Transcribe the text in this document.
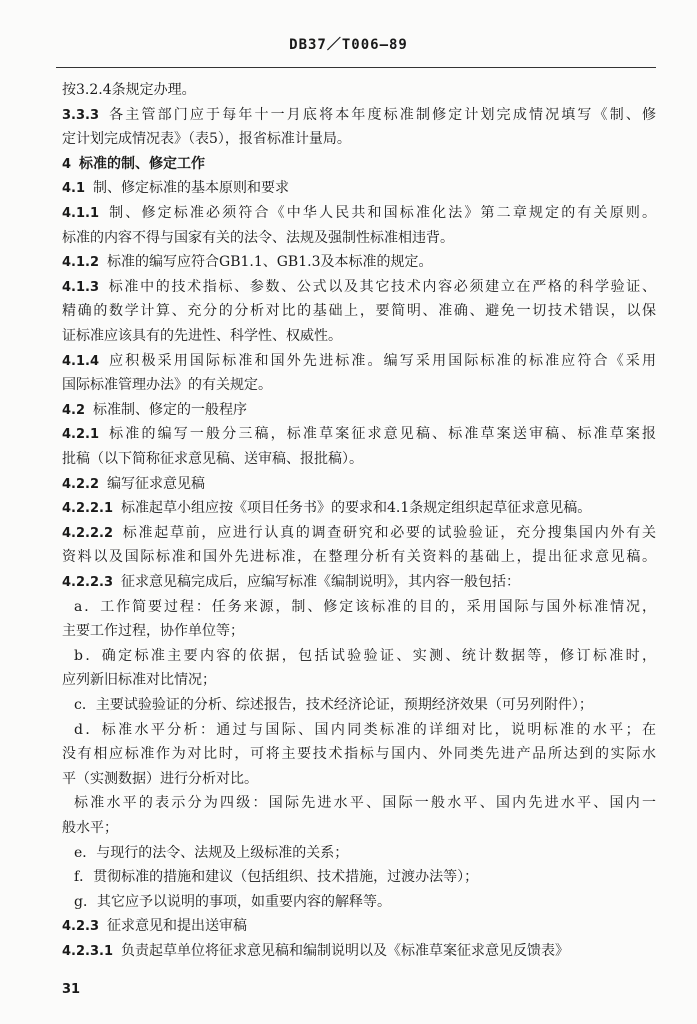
DB37／T006—89
按3.2.4条规定办理。
3.3.3 各主管部门应于每年十一月底将本年度标准制修定计划完成情况填写《制、修
定计划完成情况表》（表5），报省标准计量局。
4 标准的制、修定工作
4.1 制、修定标准的基本原则和要求
4.1.1 制、修定标准必须符合《中华人民共和国标准化法》第二章规定的有关原则。
标准的内容不得与国家有关的法令、法规及强制性标准相违背。
4.1.2 标准的编写应符合GB1.1、GB1.3及本标准的规定。
4.1.3 标准中的技术指标、参数、公式以及其它技术内容必须建立在严格的科学验证、
精确的数学计算、充分的分析对比的基础上，要简明、准确、避免一切技术错误，以保
证标准应该具有的先进性、科学性、权威性。
4.1.4 应积极采用国际标准和国外先进标准。编写采用国际标准的标准应符合《采用
国际标准管理办法》的有关规定。
4.2 标准制、修定的一般程序
4.2.1 标准的编写一般分三稿，标准草案征求意见稿、标准草案送审稿、标准草案报
批稿（以下简称征求意见稿、送审稿、报批稿）。
4.2.2 编写征求意见稿
4.2.2.1 标准起草小组应按《项目任务书》的要求和4.1条规定组织起草征求意见稿。
4.2.2.2 标准起草前，应进行认真的调查研究和必要的试验验证，充分搜集国内外有关
资料以及国际标准和国外先进标准，在整理分析有关资料的基础上，提出征求意见稿。
4.2.2.3 征求意见稿完成后，应编写标准《编制说明》，其内容一般包括：
a．工作简要过程：任务来源，制、修定该标准的目的，采用国际与国外标准情况，
主要工作过程，协作单位等；
b．确定标准主要内容的依据，包括试验验证、实测、统计数据等，修订标准时，
应列新旧标准对比情况；
c．主要试验验证的分析、综述报告，技术经济论证，预期经济效果（可另列附件）；
d．标准水平分析：通过与国际、国内同类标准的详细对比，说明标准的水平；在
没有相应标准作为对比时，可将主要技术指标与国内、外同类先进产品所达到的实际水
平（实测数据）进行分析对比。
标准水平的表示分为四级：国际先进水平、国际一般水平、国内先进水平、国内一
般水平；
e．与现行的法令、法规及上级标准的关系；
f．贯彻标准的措施和建议（包括组织、技术措施，过渡办法等）；
g．其它应予以说明的事项，如重要内容的解释等。
4.2.3 征求意见和提出送审稿
4.2.3.1 负责起草单位将征求意见稿和编制说明以及《标准草案征求意见反馈表》
31
